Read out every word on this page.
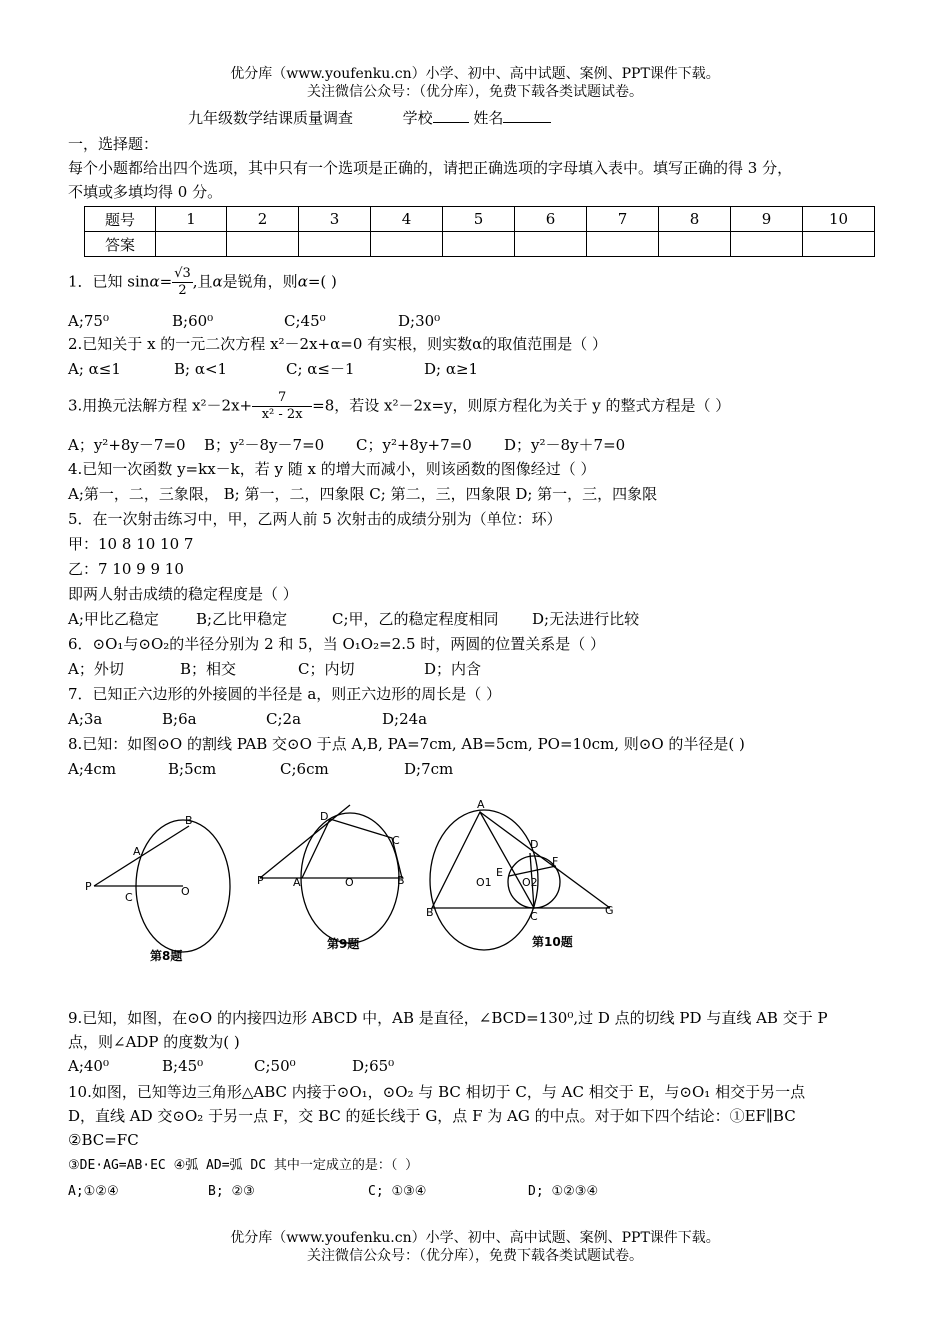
优分库（www.youfenku.cn）小学、初中、高中试题、案例、PPT课件下载。
关注微信公众号：（优分库），免费下载各类试题试卷。
九年级数学结课质量调查	学校	姓名
一，选择题：
每个小题都给出四个选项，其中只有一个选项是正确的，请把正确选项的字母填入表中。填写正确的得 3 分，
不填或多填均得 0 分。
题号	1	2	3	4	5	6	7	8	9	10
答案										
1．已知 $\sin\alpha= \frac{√3}{2}$ ,且α是锐角，则α=( )
A;75⁰	B;60⁰	C;45⁰	D;30⁰
2.已知关于 x 的一元二次方程 x²－2x+α=0 有实根，则实数α的取值范围是（ ）
A; α≤1	B; α<1	C; α≤－1	D; α≥1
3.用换元法解方程 $x^2-2x+ \frac{7}{\text{x² - 2x}} =8$，若设 x²－2x=y，则原方程化为关于 y 的整式方程是（ ）
A；y²+8y－7=0 B；y²－8y－7=0 C；y²+8y+7=0 D；y²－8y＋7=0
4.已知一次函数 y=kx－k，若 y 随 x 的增大而减小，则该函数的图像经过（ ）
A;第一，二，三象限， B; 第一，二，四象限 C; 第二，三，四象限 D; 第一，三，四象限
5．在一次射击练习中，甲，乙两人前 5 次射击的成绩分别为（单位：环）
甲：10 8 10 10 7
乙：7 10 9 9 10
即两人射击成绩的稳定程度是（ ）
A;甲比乙稳定 B;乙比甲稳定	C;甲，乙的稳定程度相同 D;无法进行比较
6．⊙O₁与⊙O₂的半径分别为 2 和 5，当 O₁O₂=2.5 时，两圆的位置关系是（ ）
A；外切	B；相交	C；内切	D；内含
7．已知正六边形的外接圆的半径是 a，则正六边形的周长是（ ）
A;3a	B;6a	C;2a	D;24a
8.已知：如图⊙O 的割线 PAB 交⊙O 于点 A,B, PA=7cm, AB=5cm, PO=10cm, 则⊙O 的半径是( )
A;4cm	B;5cm	C;6cm	D;7cm
B
A
P
C	O
D
C
P	A	O	B
A
D
F
E
O1	O2
B	C	G
第8题
第9题	第10题
9.已知，如图，在⊙O 的内接四边形 ABCD 中，AB 是直径，∠BCD=130⁰,过 D 点的切线 PD 与直线 AB 交于 P
点，则∠ADP 的度数为( )
A;40⁰	B;45⁰	C;50⁰	D;65⁰
10.如图，已知等边三角形△ABC 内接于⊙O₁，⊙O₂ 与 BC 相切于 C，与 AC 相交于 E，与⊙O₁ 相交于另一点
D，直线 AD 交⊙O₂ 于另一点 F，交 BC 的延长线于 G，点 F 为 AG 的中点。对于如下四个结论：①EF∥BC
②BC=FC
③DE·AG=AB·EC ④弧 AD=弧 DC 其中一定成立的是：（ ）
A;①②④	B; ②③	C; ①③④	D; ①②③④
优分库（www.youfenku.cn）小学、初中、高中试题、案例、PPT课件下载。
关注微信公众号：（优分库），免费下载各类试题试卷。
